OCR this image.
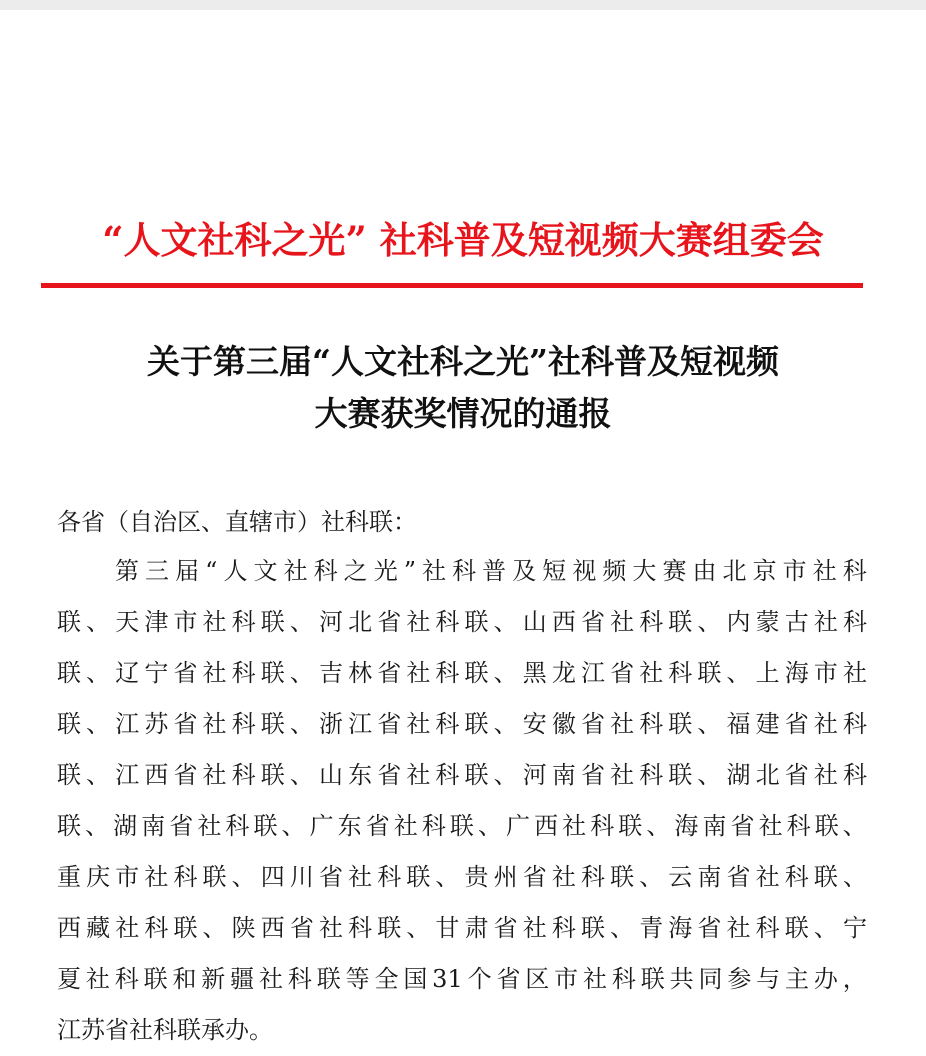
“人文社科之光” 社科普及短视频大赛组委会
关于第三届“人文社科之光”社科普及短视频
大赛获奖情况的通报
各省（自治区、直辖市）社科联：
第 三 届 “ 人 文 社 科 之 光 ” 社 科 普 及 短 视 频 大 赛 由 北 京 市 社 科
联 、 天 津 市 社 科 联 、 河 北 省 社 科 联 、 山 西 省 社 科 联 、 内 蒙 古 社 科
联 、 辽 宁 省 社 科 联 、 吉 林 省 社 科 联 、 黑 龙 江 省 社 科 联 、 上 海 市 社
联 、 江 苏 省 社 科 联 、 浙 江 省 社 科 联 、 安 徽 省 社 科 联 、 福 建 省 社 科
联 、 江 西 省 社 科 联 、 山 东 省 社 科 联 、 河 南 省 社 科 联 、 湖 北 省 社 科
联 、 湖 南 省 社 科 联 、 广 东 省 社 科 联 、 广 西 社 科 联 、 海 南 省 社 科 联 、
重 庆 市 社 科 联 、 四 川 省 社 科 联 、 贵 州 省 社 科 联 、 云 南 省 社 科 联 、
西 藏 社 科 联 、 陕 西 省 社 科 联 、 甘 肃 省 社 科 联 、 青 海 省 社 科 联 、 宁
夏 社 科 联 和 新 疆 社 科 联 等 全 国 31 个 省 区 市 社 科 联 共 同 参 与 主 办 ，
江苏省社科联承办。
